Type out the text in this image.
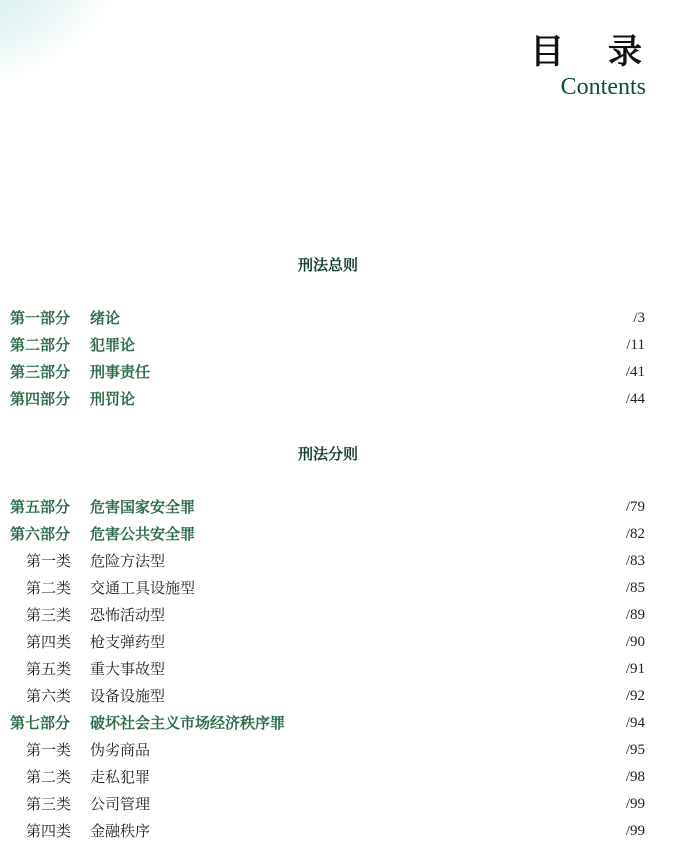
目 录
Contents
刑法总则
第一部分 绪论	/3
第二部分 犯罪论	/11
第三部分 刑事责任	/41
第四部分 刑罚论	/44
刑法分则
第五部分 危害国家安全罪	/79
第六部分 危害公共安全罪	/82
第一类 危险方法型	/83
第二类 交通工具设施型	/85
第三类 恐怖活动型	/89
第四类 枪支弹药型	/90
第五类 重大事故型	/91
第六类 设备设施型	/92
第七部分 破坏社会主义市场经济秩序罪	/94
第一类 伪劣商品	/95
第二类 走私犯罪	/98
第三类 公司管理	/99
第四类 金融秩序	/99
